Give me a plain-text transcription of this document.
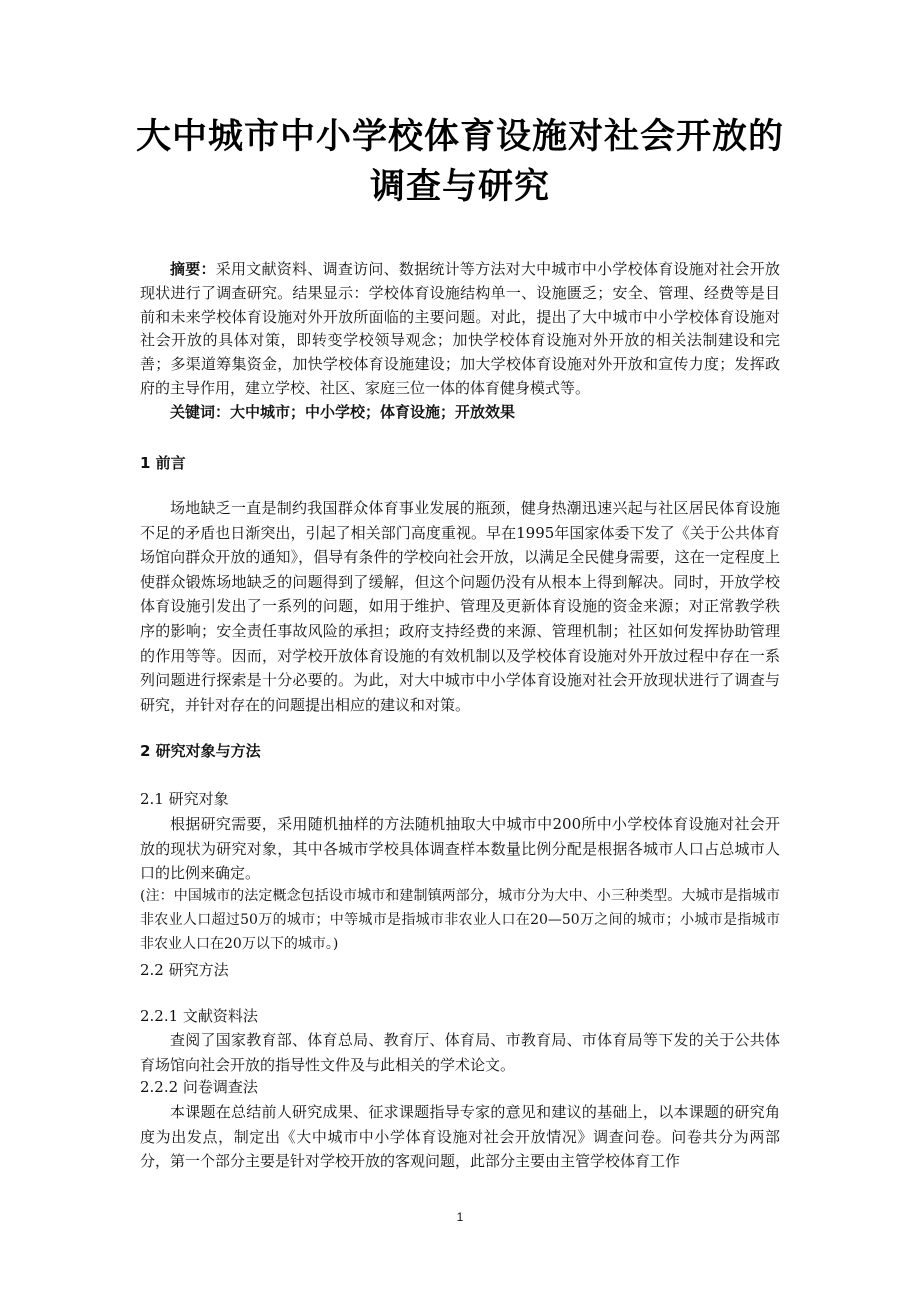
大中城市中小学校体育设施对社会开放的
调查与研究

摘要：采用文献资料、调查访问、数据统计等方法对大中城市中小学校体育设施对社会开放现状进行了调查研究。结果显示：学校体育设施结构单一、设施匮乏；安全、管理、经费等是目前和未来学校体育设施对外开放所面临的主要问题。对此，提出了大中城市中小学校体育设施对社会开放的具体对策，即转变学校领导观念；加快学校体育设施对外开放的相关法制建设和完善；多渠道筹集资金，加快学校体育设施建设；加大学校体育设施对外开放和宣传力度；发挥政府的主导作用，建立学校、社区、家庭三位一体的体育健身模式等。

关键词：大中城市；中小学校；体育设施；开放效果

1 前言

场地缺乏一直是制约我国群众体育事业发展的瓶颈，健身热潮迅速兴起与社区居民体育设施不足的矛盾也日渐突出，引起了相关部门高度重视。早在1995年国家体委下发了《关于公共体育场馆向群众开放的通知》，倡导有条件的学校向社会开放，以满足全民健身需要，这在一定程度上使群众锻炼场地缺乏的问题得到了缓解，但这个问题仍没有从根本上得到解决。同时，开放学校体育设施引发出了一系列的问题，如用于维护、管理及更新体育设施的资金来源；对正常教学秩序的影响；安全责任事故风险的承担；政府支持经费的来源、管理机制；社区如何发挥协助管理的作用等等。因而，对学校开放体育设施的有效机制以及学校体育设施对外开放过程中存在一系列问题进行探索是十分必要的。为此，对大中城市中小学体育设施对社会开放现状进行了调查与研究，并针对存在的问题提出相应的建议和对策。

2 研究对象与方法
2.1 研究对象

根据研究需要，采用随机抽样的方法随机抽取大中城市中200所中小学校体育设施对社会开放的现状为研究对象，其中各城市学校具体调查样本数量比例分配是根据各城市人口占总城市人口的比例来确定。

(注：中国城市的法定概念包括设市城市和建制镇两部分，城市分为大中、小三种类型。大城市是指城市非农业人口超过50万的城市；中等城市是指城市非农业人口在20—50万之间的城市；小城市是指城市非农业人口在20万以下的城市。)

2.2 研究方法
2.2.1 文献资料法

查阅了国家教育部、体育总局、教育厅、体育局、市教育局、市体育局等下发的关于公共体育场馆向社会开放的指导性文件及与此相关的学术论文。

2.2.2 问卷调查法

本课题在总结前人研究成果、征求课题指导专家的意见和建议的基础上，以本课题的研究角度为出发点，制定出《大中城市中小学体育设施对社会开放情况》调查问卷。问卷共分为两部分，第一个部分主要是针对学校开放的客观问题，此部分主要由主管学校体育工作

1
